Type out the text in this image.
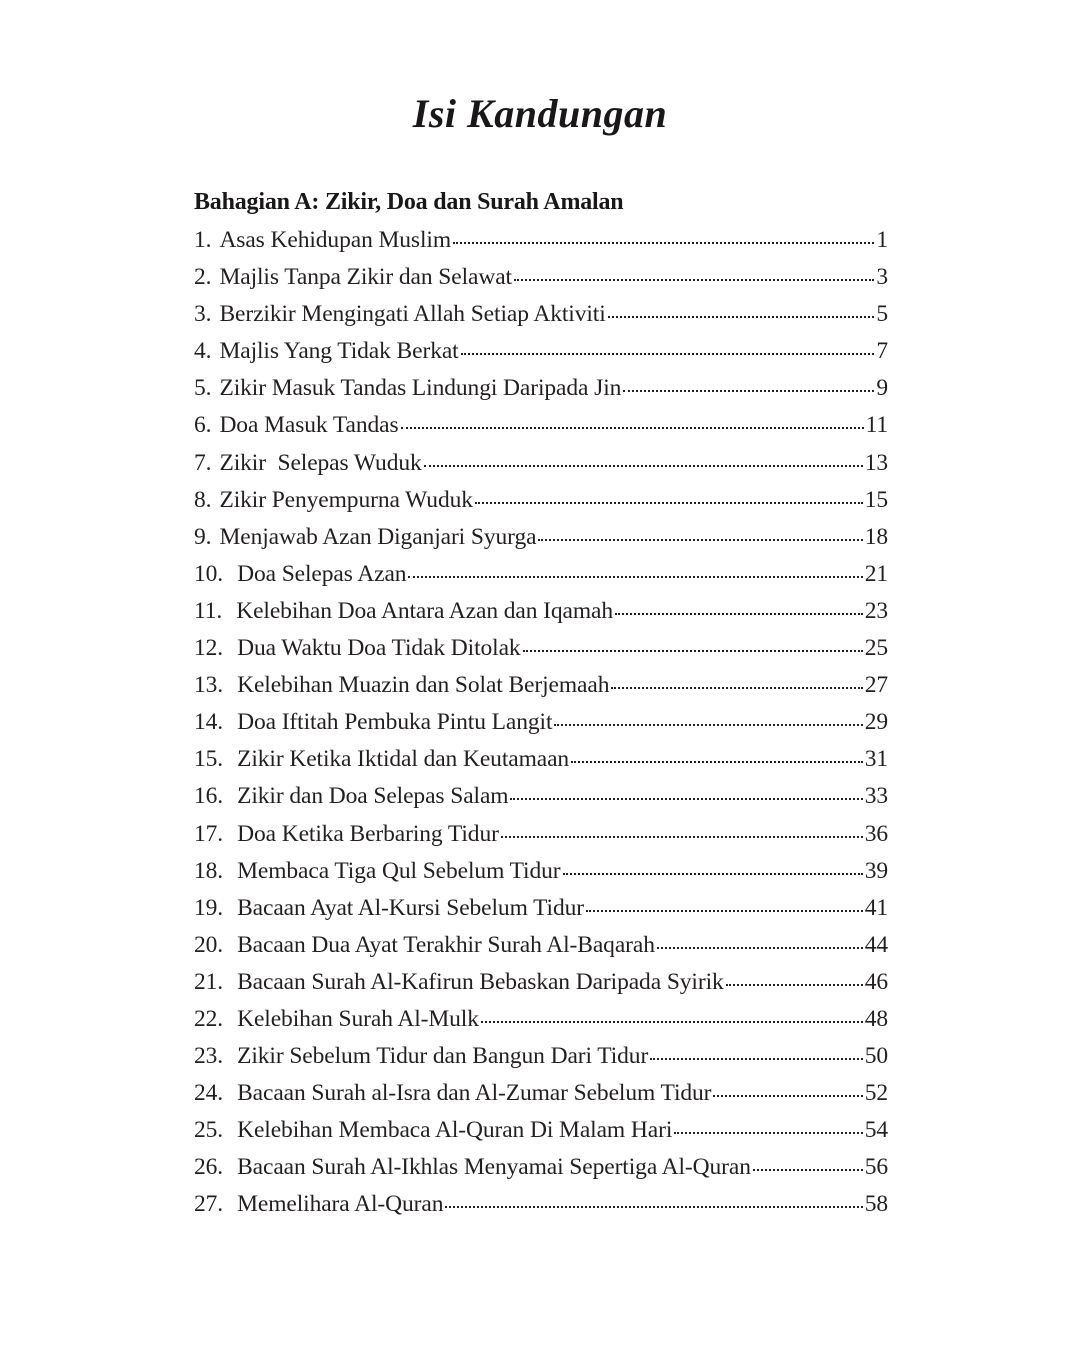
Isi Kandungan
Bahagian A: Zikir, Doa dan Surah Amalan
1. Asas Kehidupan Muslim	1
2. Majlis Tanpa Zikir dan Selawat	3
3. Berzikir Mengingati Allah Setiap Aktiviti	5
4. Majlis Yang Tidak Berkat	7
5. Zikir Masuk Tandas Lindungi Daripada Jin	9
6. Doa Masuk Tandas	11
7. Zikir  Selepas Wuduk	13
8. Zikir Penyempurna Wuduk	15
9. Menjawab Azan Diganjari Syurga	18
10. Doa Selepas Azan	21
11. Kelebihan Doa Antara Azan dan Iqamah	23
12. Dua Waktu Doa Tidak Ditolak	25
13. Kelebihan Muazin dan Solat Berjemaah	27
14. Doa Iftitah Pembuka Pintu Langit	29
15. Zikir Ketika Iktidal dan Keutamaan	31
16. Zikir dan Doa Selepas Salam	33
17. Doa Ketika Berbaring Tidur	36
18. Membaca Tiga Qul Sebelum Tidur	39
19. Bacaan Ayat Al-Kursi Sebelum Tidur	41
20. Bacaan Dua Ayat Terakhir Surah Al-Baqarah	44
21. Bacaan Surah Al-Kafirun Bebaskan Daripada Syirik	46
22. Kelebihan Surah Al-Mulk	48
23. Zikir Sebelum Tidur dan Bangun Dari Tidur	50
24. Bacaan Surah al-Isra dan Al-Zumar Sebelum Tidur	52
25. Kelebihan Membaca Al-Quran Di Malam Hari	54
26. Bacaan Surah Al-Ikhlas Menyamai Sepertiga Al-Quran	56
27. Memelihara Al-Quran	58
